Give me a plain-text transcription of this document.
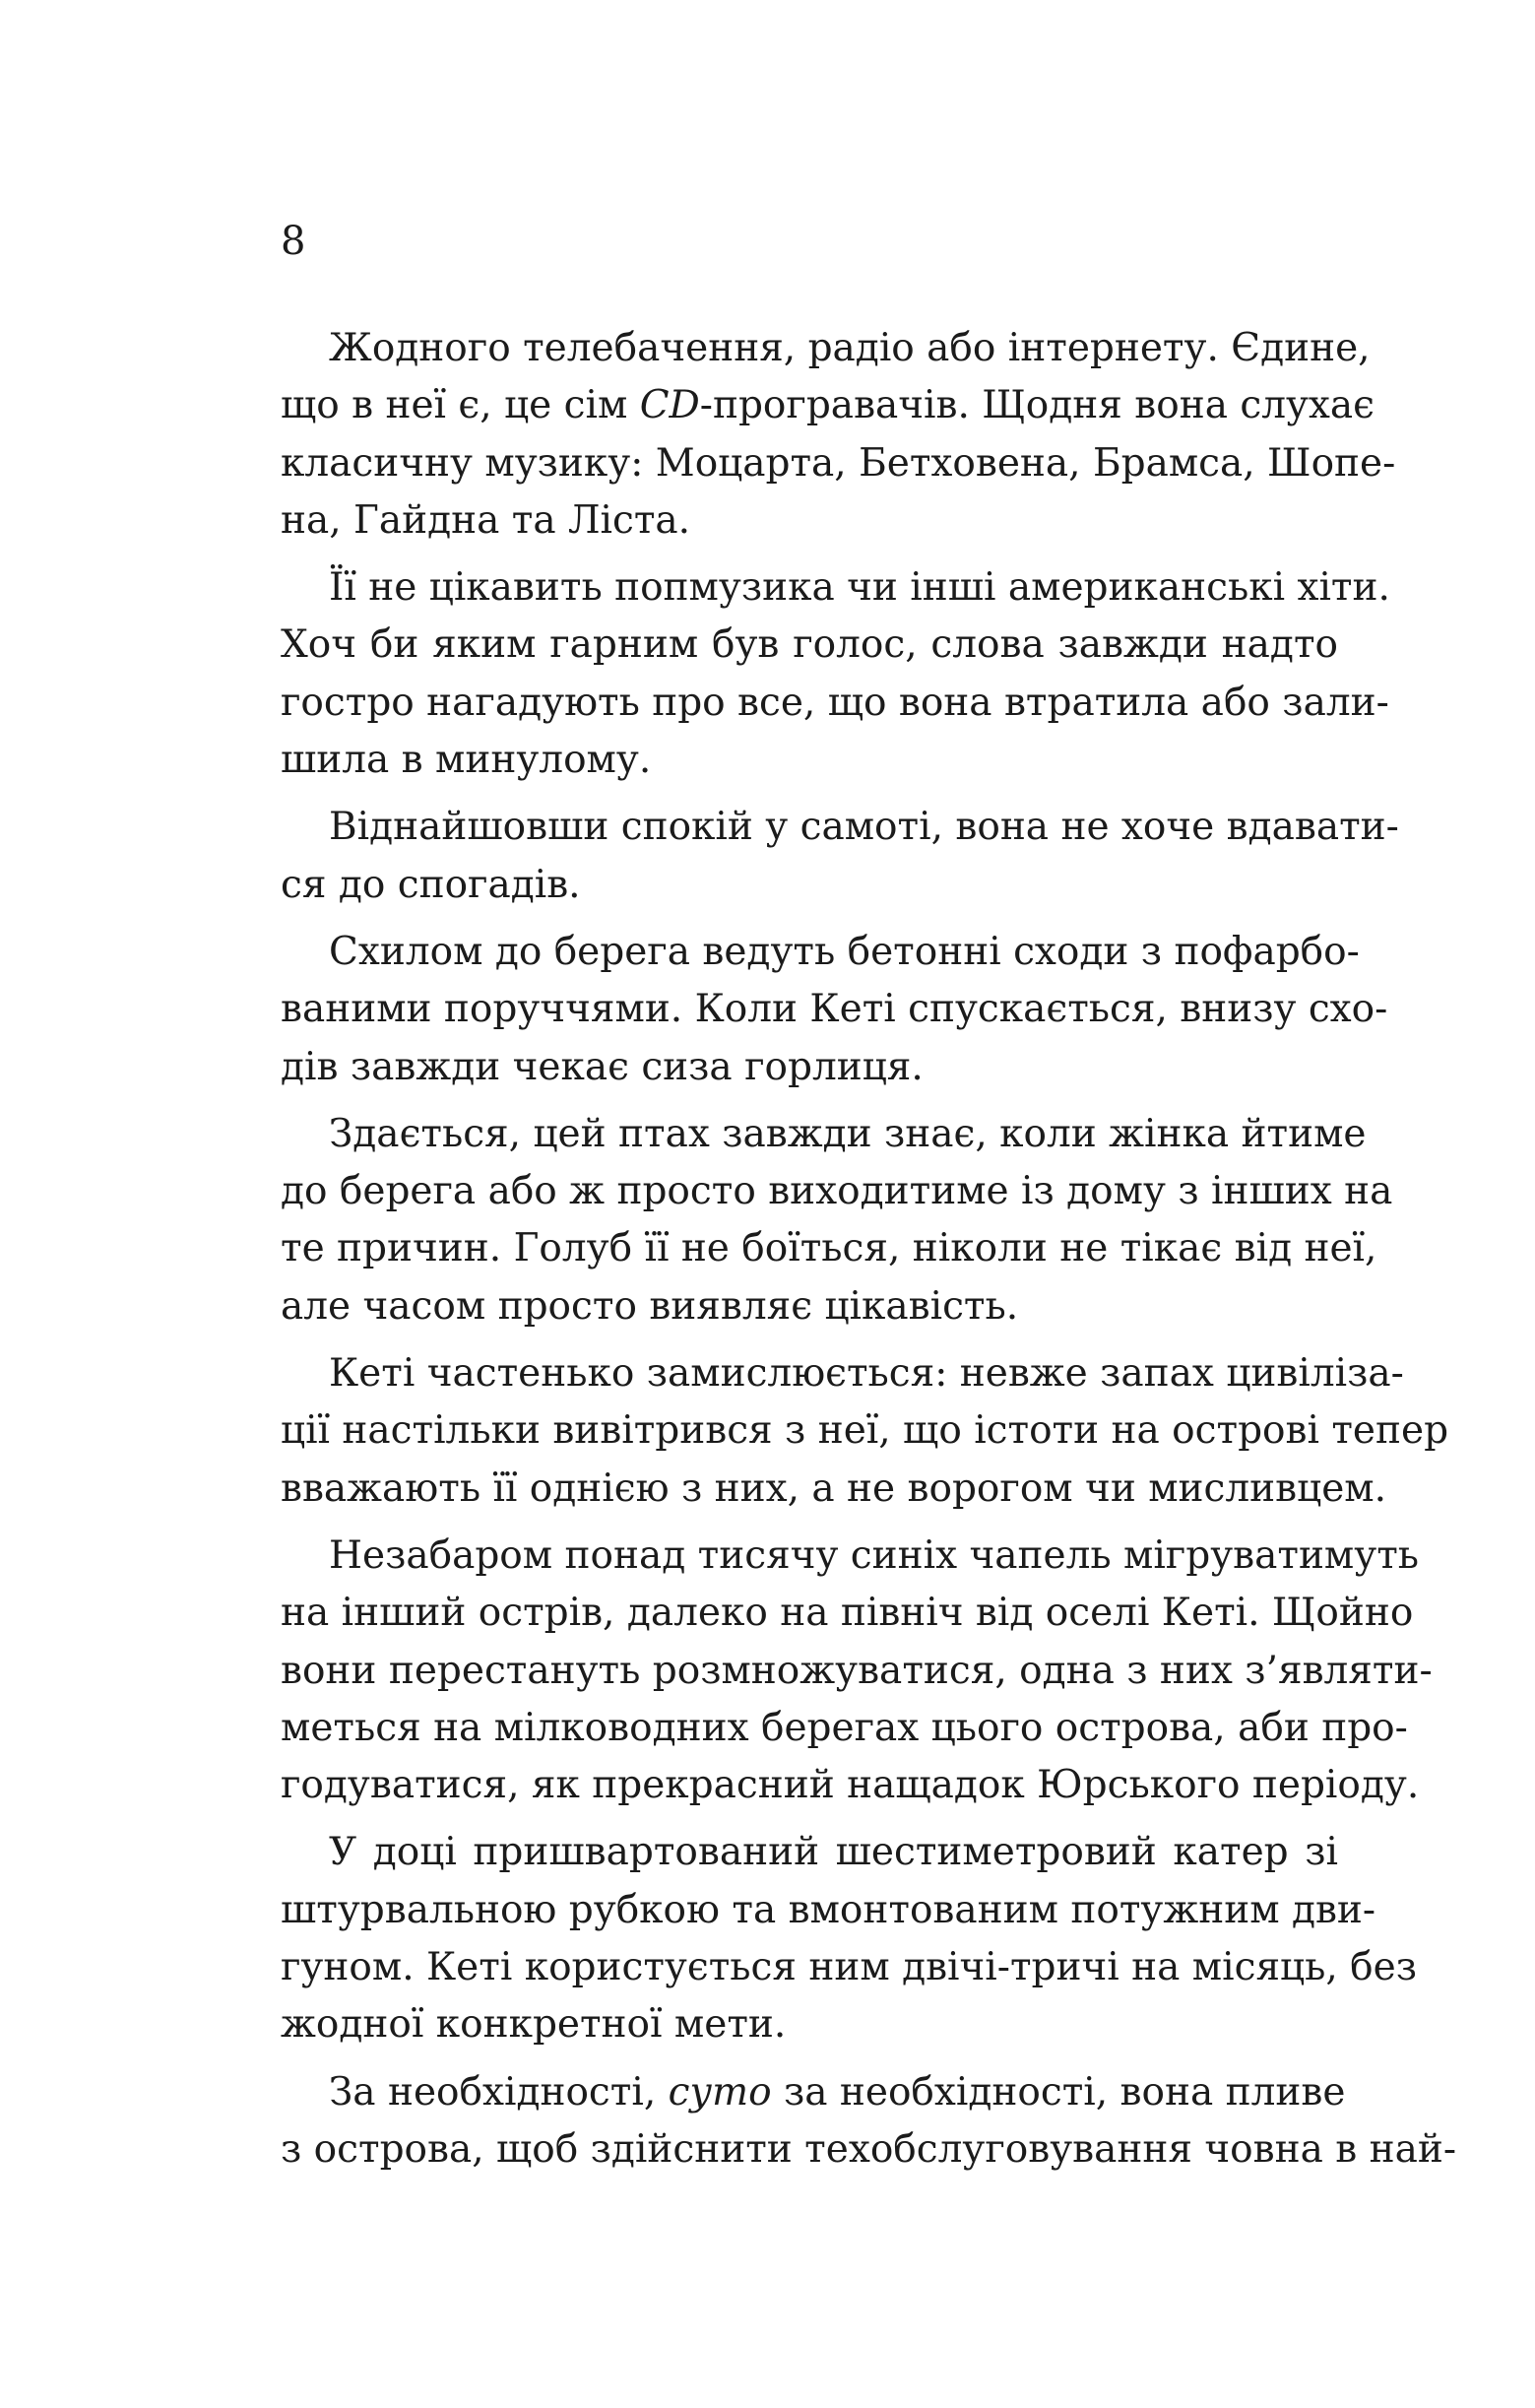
8
Жодного телебачення, радіо або інтернету. Єдине,
що в неї є, це сім CD-програвачів. Щодня вона слухає
класичну музику: Моцарта, Бетховена, Брамса, Шопе-
на, Гайдна та Ліста.
Її не цікавить попмузика чи інші американські хіти.
Хоч би яким гарним був голос, слова завжди надто
гостро нагадують про все, що вона втратила або зали-
шила в минулому.
Віднайшовши спокій у самоті, вона не хоче вдавати-
ся до спогадів.
Схилом до берега ведуть бетонні сходи з пофарбо-
ваними поруччями. Коли Кеті спускається, внизу схо-
дів завжди чекає сиза горлиця.
Здається, цей птах завжди знає, коли жінка йтиме
до берега або ж просто виходитиме із дому з інших на
те причин. Голуб її не боїться, ніколи не тікає від неї,
але часом просто виявляє цікавість.
Кеті частенько замислюється: невже запах цивіліза-
ції настільки вивітрився з неї, що істоти на острові тепер
вважають її однією з них, а не ворогом чи мисливцем.
Незабаром понад тисячу синіх чапель мігруватимуть
на інший острів, далеко на північ від оселі Кеті. Щойно
вони перестануть розмножуватися, одна з них з’являти-
меться на мілководних берегах цього острова, аби про-
годуватися, як прекрасний нащадок Юрського періоду.
У доці пришвартований шестиметровий катер зі
штурвальною рубкою та вмонтованим потужним дви-
гуном. Кеті користується ним двічі-тричі на місяць, без
жодної конкретної мети.
За необхідності, суто за необхідності, вона пливе
з острова, щоб здійснити техобслуговування човна в най-
